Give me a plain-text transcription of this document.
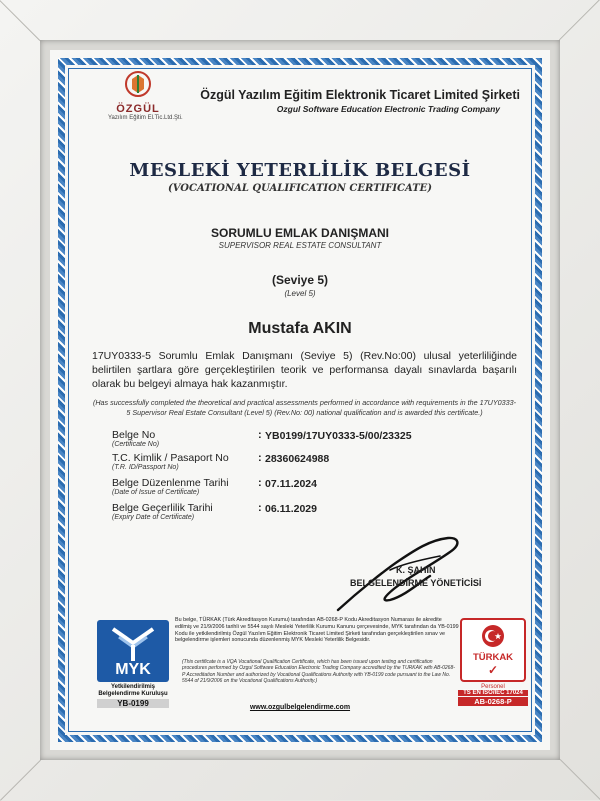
ÖZGÜL
Yazılım Eğitim El.Tic.Ltd.Şti.
Özgül Yazılım Eğitim Elektronik Ticaret Limited Şirketi
Ozgul Software Education Electronic Trading Company
MESLEKİ YETERLİLİK BELGESİ
(VOCATIONAL QUALIFICATION CERTIFICATE)
SORUMLU EMLAK DANIŞMANI
SUPERVISOR REAL ESTATE CONSULTANT
(Seviye 5)
(Level 5)
Mustafa AKIN
17UY0333-5 Sorumlu Emlak Danışmanı (Seviye 5) (Rev.No:00) ulusal yeterliliğinde belirtilen şartlara göre gerçekleştirilen teorik ve performansa dayalı sınavlarda başarılı olarak bu belgeyi almaya hak kazanmıştır.
(Has successfully completed the theoretical and practical assessments performed in accordance with requirements in the 17UY0333-5 Supervisor Real Estate Consultant (Level 5) (Rev.No: 00) national qualification and is awarded this certificate.)
Belge No
(Certificate No)
: YB0199/17UY0333-5/00/23325
T.C. Kimlik / Pasaport No
(T.R. ID/Passport No)
: 28360624988
Belge Düzenlenme Tarihi
(Date of Issue of Certificate)
: 07.11.2024
Belge Geçerlilik Tarihi
(Expiry Date of Certificate)
: 06.11.2029
K. ŞAHİN
BELGELENDİRME YÖNETİCİSİ
MYK
Yetkilendirilmiş Belgelendirme Kuruluşu
YB-0199
Bu belge, TÜRKAK (Türk Akreditasyon Kurumu) tarafından AB-0268-P Kodu Akreditasyon Numarası ile akredite edilmiş ve 21/9/2006 tarihli ve 5544 sayılı Mesleki Yeterlilik Kurumu Kanunu çerçevesinde, MYK tarafından da YB-0199 Kodu ile yetkilendirilmiş Özgül Yazılım Eğitim Elektronik Ticaret Limited Şirketi tarafından gerçekleştirilen sınav ve belgelendirme işlemleri sonucunda düzenlenmiş MYK Mesleki Yeterlilik Belgesidir.
(This certificate is a VQA Vocational Qualification Certificate, which has been issued upon testing and certification procedures performed by Ozgul Software Education Electronic Trading Company accredited by the TURKAK with AB-0268-P Accreditation Number and authorized by Vocational Qualifications Authority with YB-0199 code pursuant to the Law No. 5544 of 21/9/2006 on the Vocational Qualifications Authority.)
www.ozgulbelgelendirme.com
TÜRKAK
✓
Personel
TS EN ISO/IEC 17024
AB-0268-P
